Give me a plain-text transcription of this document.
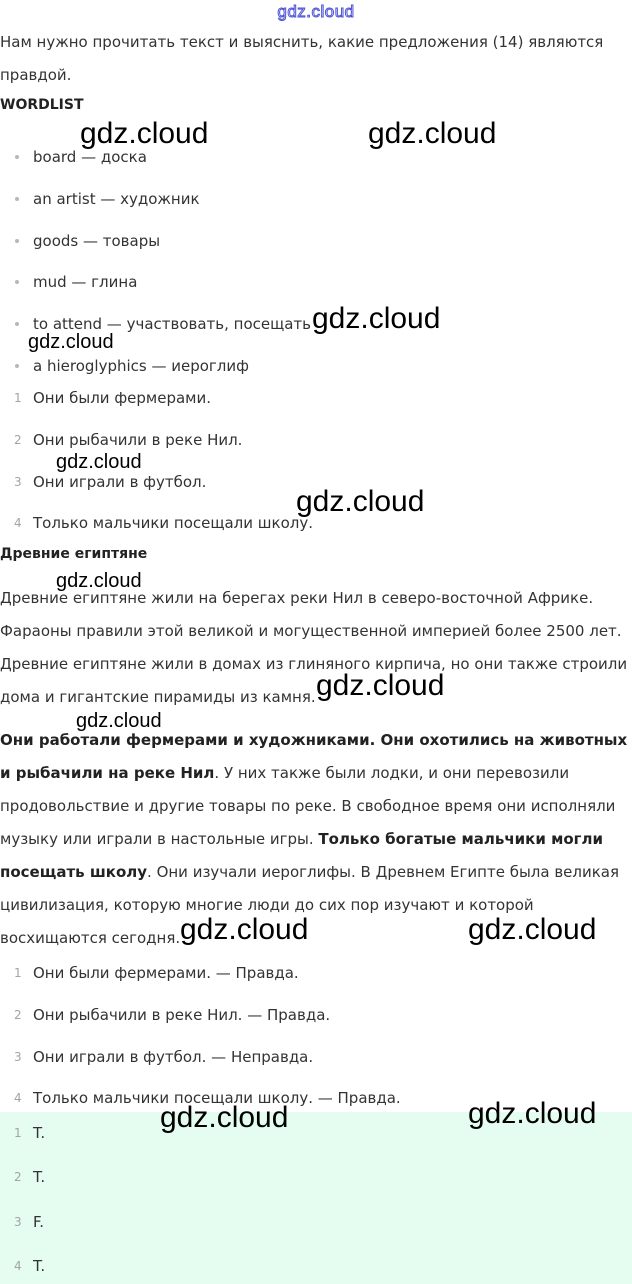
gdz.cloud
Нам нужно прочитать текст и выяснить, какие предложения (14) являются правдой.
WORDLIST
board — доска
an artist — художник
goods — товары
mud — глина
to attend — участвовать, посещать
a hieroglyphics — иероглиф
1 Они были фермерами.
2 Они рыбачили в реке Нил.
3 Они играли в футбол.
4 Только мальчики посещали школу.
Древние египтяне
Древние египтяне жили на берегах реки Нил в северо-восточной Африке. Фараоны правили этой великой и могущественной империей более 2500 лет. Древние египтяне жили в домах из глиняного кирпича, но они также строили дома и гигантские пирамиды из камня.
Они работали фермерами и художниками. Они охотились на животных и рыбачили на реке Нил. У них также были лодки, и они перевозили продовольствие и другие товары по реке. В свободное время они исполняли музыку или играли в настольные игры. Только богатые мальчики могли посещать школу. Они изучали иероглифы. В Древнем Египте была великая цивилизация, которую многие люди до сих пор изучают и которой восхищаются сегодня.
1 Они были фермерами. — Правда.
2 Они рыбачили в реке Нил. — Правда.
3 Они играли в футбол. — Неправда.
4 Только мальчики посещали школу. — Правда.
1 T.
2 T.
3 F.
4 T.
gdz.cloud	gdz.cloud
gdz.cloud
gdz.cloud
gdz.cloud
gdz.cloud
gdz.cloud
gdz.cloud
gdz.cloud
gdz.cloud	gdz.cloud
gdz.cloud	gdz.cloud
